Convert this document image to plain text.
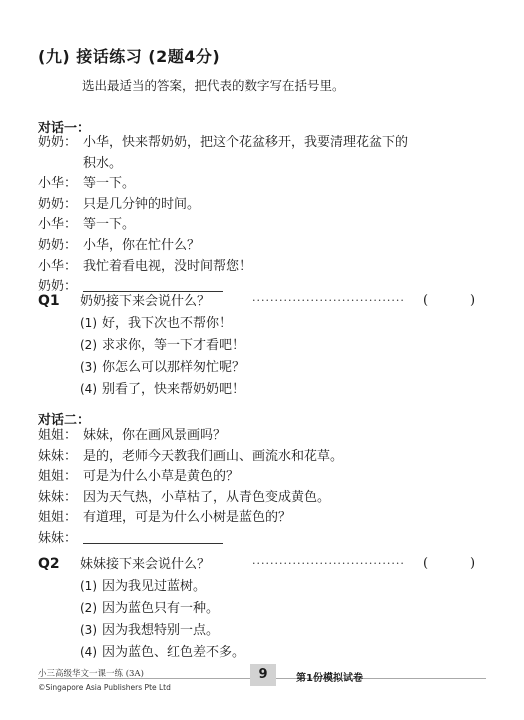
(九) 接话练习 (2题4分)
选出最适当的答案，把代表的数字写在括号里。
对话一：
奶奶： 小华，快来帮奶奶，把这个花盆移开，我要清理花盆下的
积水。
小华： 等一下。
奶奶： 只是几分钟的时间。
小华： 等一下。
奶奶： 小华，你在忙什么？
小华： 我忙着看电视，没时间帮您！
奶奶：
Q1 奶奶接下来会说什么？	·································· (	)
(1) 好，我下次也不帮你！
(2) 求求你，等一下才看吧！
(3) 你怎么可以那样匆忙呢？
(4) 别看了，快来帮奶奶吧！
对话二：
姐姐： 妹妹，你在画风景画吗？
妹妹： 是的，老师今天教我们画山、画流水和花草。
姐姐： 可是为什么小草是黄色的？
妹妹： 因为天气热，小草枯了，从青色变成黄色。
姐姐： 有道理，可是为什么小树是蓝色的？
妹妹：
Q2 妹妹接下来会说什么？	·································· (	)
(1) 因为我见过蓝树。
(2) 因为蓝色只有一种。
(3) 因为我想特别一点。
(4) 因为蓝色、红色差不多。
小三高级华文一课一练 (3A)
©Singapore Asia Publishers Pte Ltd
9	第1份模拟试卷
